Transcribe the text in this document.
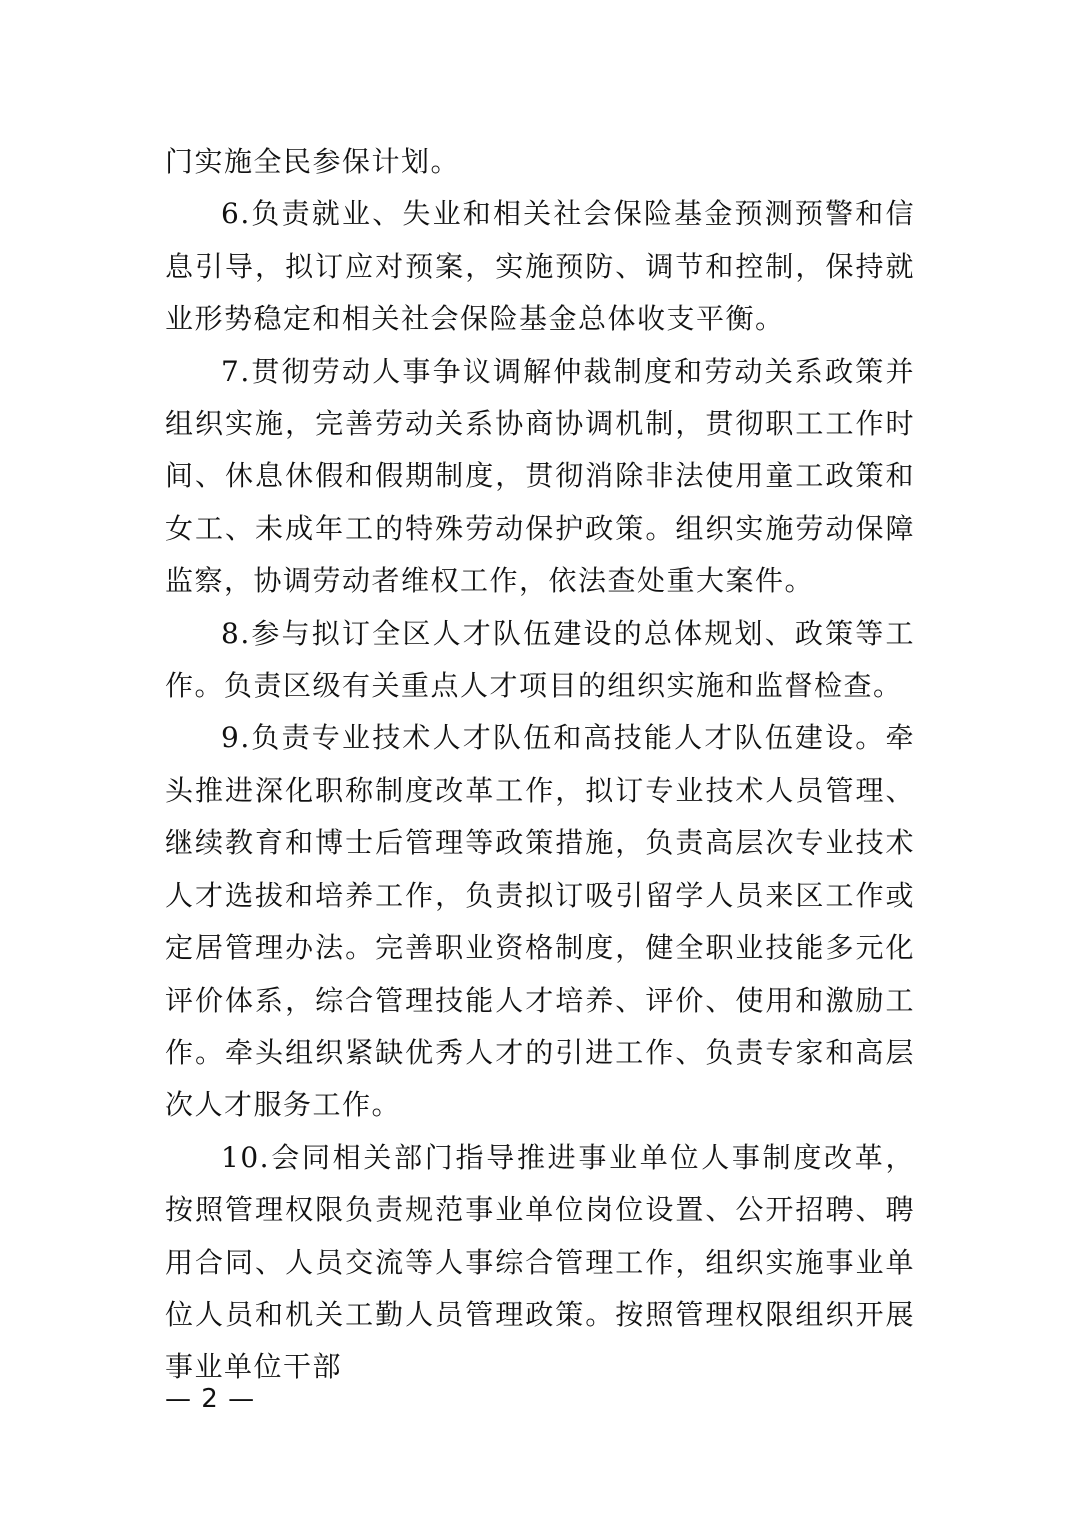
门实施全民参保计划。

6.负责就业、失业和相关社会保险基金预测预警和信息引导，拟订应对预案，实施预防、调节和控制，保持就业形势稳定和相关社会保险基金总体收支平衡。

7.贯彻劳动人事争议调解仲裁制度和劳动关系政策并组织实施，完善劳动关系协商协调机制，贯彻职工工作时间、休息休假和假期制度，贯彻消除非法使用童工政策和女工、未成年工的特殊劳动保护政策。组织实施劳动保障监察，协调劳动者维权工作，依法查处重大案件。

8.参与拟订全区人才队伍建设的总体规划、政策等工作。负责区级有关重点人才项目的组织实施和监督检查。

9.负责专业技术人才队伍和高技能人才队伍建设。牵头推进深化职称制度改革工作，拟订专业技术人员管理、继续教育和博士后管理等政策措施，负责高层次专业技术人才选拔和培养工作，负责拟订吸引留学人员来区工作或定居管理办法。完善职业资格制度，健全职业技能多元化评价体系，综合管理技能人才培养、评价、使用和激励工作。牵头组织紧缺优秀人才的引进工作、负责专家和高层次人才服务工作。

10.会同相关部门指导推进事业单位人事制度改革，按照管理权限负责规范事业单位岗位设置、公开招聘、聘用合同、人员交流等人事综合管理工作，组织实施事业单位人员和机关工勤人员管理政策。按照管理权限组织开展事业单位干部

— 2 —
